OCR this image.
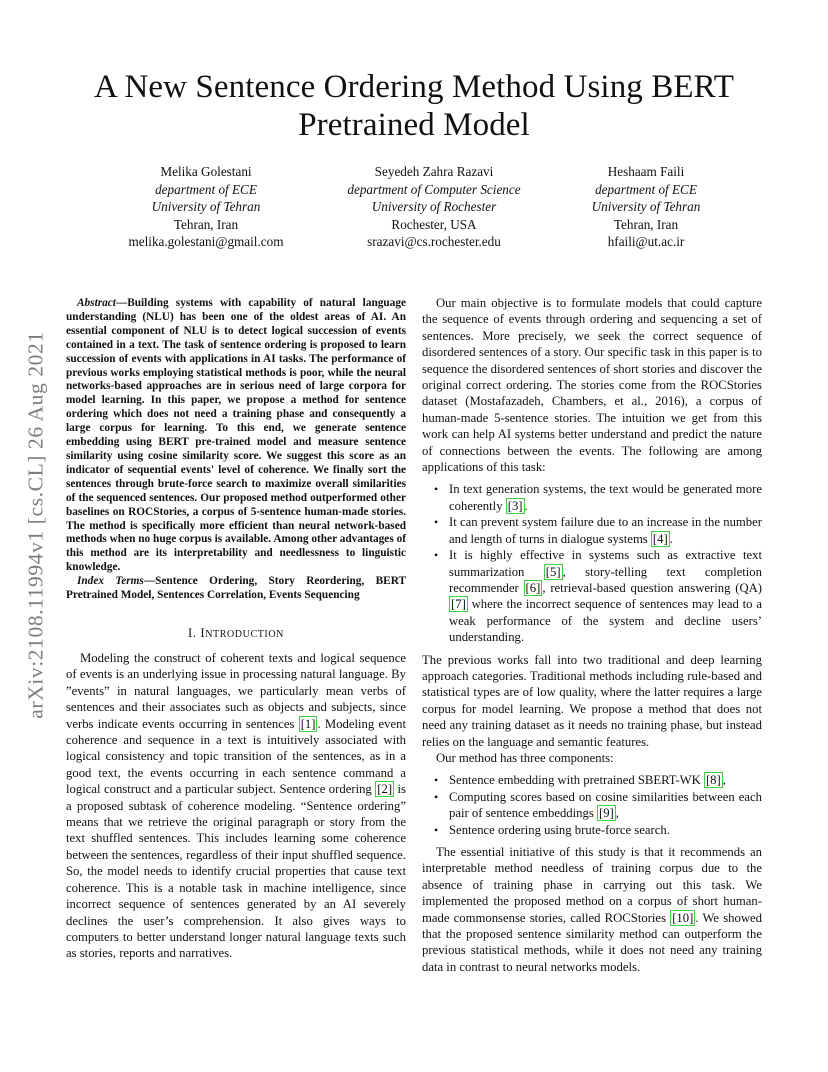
A New Sentence Ordering Method Using BERT Pretrained Model
arXiv:2108.11994v1 [cs.CL] 26 Aug 2021
Melika Golestani
department of ECE
University of Tehran
Tehran, Iran
melika.golestani@gmail.com
Seyedeh Zahra Razavi
department of Computer Science
University of Rochester
Rochester, USA
srazavi@cs.rochester.edu
Heshaam Faili
department of ECE
University of Tehran
Tehran, Iran
hfaili@ut.ac.ir

Abstract—Building systems with capability of natural language understanding (NLU) has been one of the oldest areas of AI. An essential component of NLU is to detect logical succession of events contained in a text. The task of sentence ordering is proposed to learn succession of events with applications in AI tasks. The performance of previous works employing statistical methods is poor, while the neural networks-based approaches are in serious need of large corpora for model learning. In this paper, we propose a method for sentence ordering which does not need a training phase and consequently a large corpus for learning. To this end, we generate sentence embedding using BERT pre-trained model and measure sentence similarity using cosine similarity score. We suggest this score as an indicator of sequential events' level of coherence. We finally sort the sentences through brute-force search to maximize overall similarities of the sequenced sentences. Our proposed method outperformed other baselines on ROCStories, a corpus of 5-sentence human-made stories. The method is specifically more efficient than neural network-based methods when no huge corpus is available. Among other advantages of this method are its interpretability and needlessness to linguistic knowledge.

Index Terms—Sentence Ordering, Story Reordering, BERT Pretrained Model, Sentences Correlation, Events Sequencing

I. INTRODUCTION

Modeling the construct of coherent texts and logical sequence of events is an underlying issue in processing natural language. By ”events” in natural languages, we particularly mean verbs of sentences and their associates such as objects and subjects, since verbs indicate events occurring in sentences [1] . Modeling event coherence and sequence in a text is intuitively associated with logical consistency and topic transition of the sentences, as in a good text, the events occurring in each sentence command a logical construct and a particular subject. Sentence ordering [2] is a proposed subtask of coherence modeling. “Sentence ordering” means that we retrieve the original paragraph or story from the text shuffled sentences. This includes learning some coherence between the sentences, regardless of their input shuffled sequence. So, the model needs to identify crucial properties that cause text coherence. This is a notable task in machine intelligence, since incorrect sequence of sentences generated by an AI severely declines the user’s comprehension. It also gives ways to computers to better understand longer natural language texts such as stories, reports and narratives.

Our main objective is to formulate models that could capture the sequence of events through ordering and sequencing a set of sentences. More precisely, we seek the correct sequence of disordered sentences of a story. Our specific task in this paper is to sequence the disordered sentences of short stories and discover the original correct ordering. The stories come from the ROCStories dataset (Mostafazadeh, Chambers, et al., 2016), a corpus of human-made 5-sentence stories. The intuition we get from this work can help AI systems better understand and predict the nature of connections between the events. The following are among applications of this task:

• In text generation systems, the text would be generated more coherently [3] .
• It can prevent system failure due to an increase in the number and length of turns in dialogue systems [4] .
• It is highly effective in systems such as extractive text summarization [5] , story-telling text completion recommender [6] , retrieval-based question answering (QA) [7] where the incorrect sequence of sentences may lead to a weak performance of the system and decline users’ understanding.

The previous works fall into two traditional and deep learning approach categories. Traditional methods including rule-based and statistical types are of low quality, where the latter requires a large corpus for model learning. We propose a method that does not need any training dataset as it needs no training phase, but instead relies on the language and semantic features.

Our method has three components:

• Sentence embedding with pretrained SBERT-WK [8] ,
• Computing scores based on cosine similarities between each pair of sentence embeddings [9] ,
• Sentence ordering using brute-force search.

The essential initiative of this study is that it recommends an interpretable method needless of training corpus due to the absence of training phase in carrying out this task. We implemented the proposed method on a corpus of short human-made commonsense stories, called ROCStories [10] . We showed that the proposed sentence similarity method can outperform the previous statistical methods, while it does not need any training data in contrast to neural networks models.
